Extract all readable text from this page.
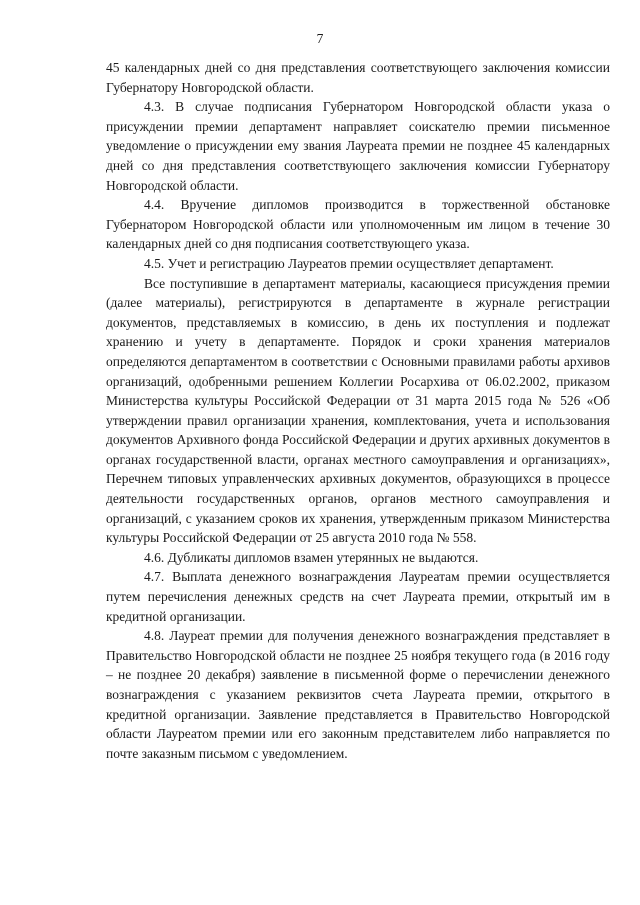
7

45 календарных дней со дня представления соответствующего заключения комиссии Губернатору Новгородской области.

4.3. В случае подписания Губернатором Новгородской области указа о присуждении премии департамент направляет соискателю премии письменное уведомление о присуждении ему звания Лауреата премии не позднее 45 календарных дней со дня представления соответствующего заключения комиссии Губернатору Новгородской области.

4.4. Вручение дипломов производится в торжественной обстановке Губернатором Новгородской области или уполномоченным им лицом в течение 30 календарных дней со дня подписания соответствующего указа.

4.5. Учет и регистрацию Лауреатов премии осуществляет департамент.

Все поступившие в департамент материалы, касающиеся присуждения премии (далее материалы), регистрируются в департаменте в журнале регистрации документов, представляемых в комиссию, в день их поступления и подлежат хранению и учету в департаменте. Порядок и сроки хранения материалов определяются департаментом в соответствии с Основными правилами работы архивов организаций, одобренными решением Коллегии Росархива от 06.02.2002, приказом Министерства культуры Российской Федерации от 31 марта 2015 года № 526 «Об утверждении правил организации хранения, комплектования, учета и использования документов Архивного фонда Российской Федерации и других архивных документов в органах государственной власти, органах местного самоуправления и организациях», Перечнем типовых управленческих архивных документов, образующихся в процессе деятельности государственных органов, органов местного самоуправления и организаций, с указанием сроков их хранения, утвержденным приказом Министерства культуры Российской Федерации от 25 августа 2010 года № 558.

4.6. Дубликаты дипломов взамен утерянных не выдаются.

4.7. Выплата денежного вознаграждения Лауреатам премии осуществляется путем перечисления денежных средств на счет Лауреата премии, открытый им в кредитной организации.

4.8. Лауреат премии для получения денежного вознаграждения представляет в Правительство Новгородской области не позднее 25 ноября текущего года (в 2016 году – не позднее 20 декабря) заявление в письменной форме о перечислении денежного вознаграждения с указанием реквизитов счета Лауреата премии, открытого в кредитной организации. Заявление представляется в Правительство Новгородской области Лауреатом премии или его законным представителем либо направляется по почте заказным письмом с уведомлением.
